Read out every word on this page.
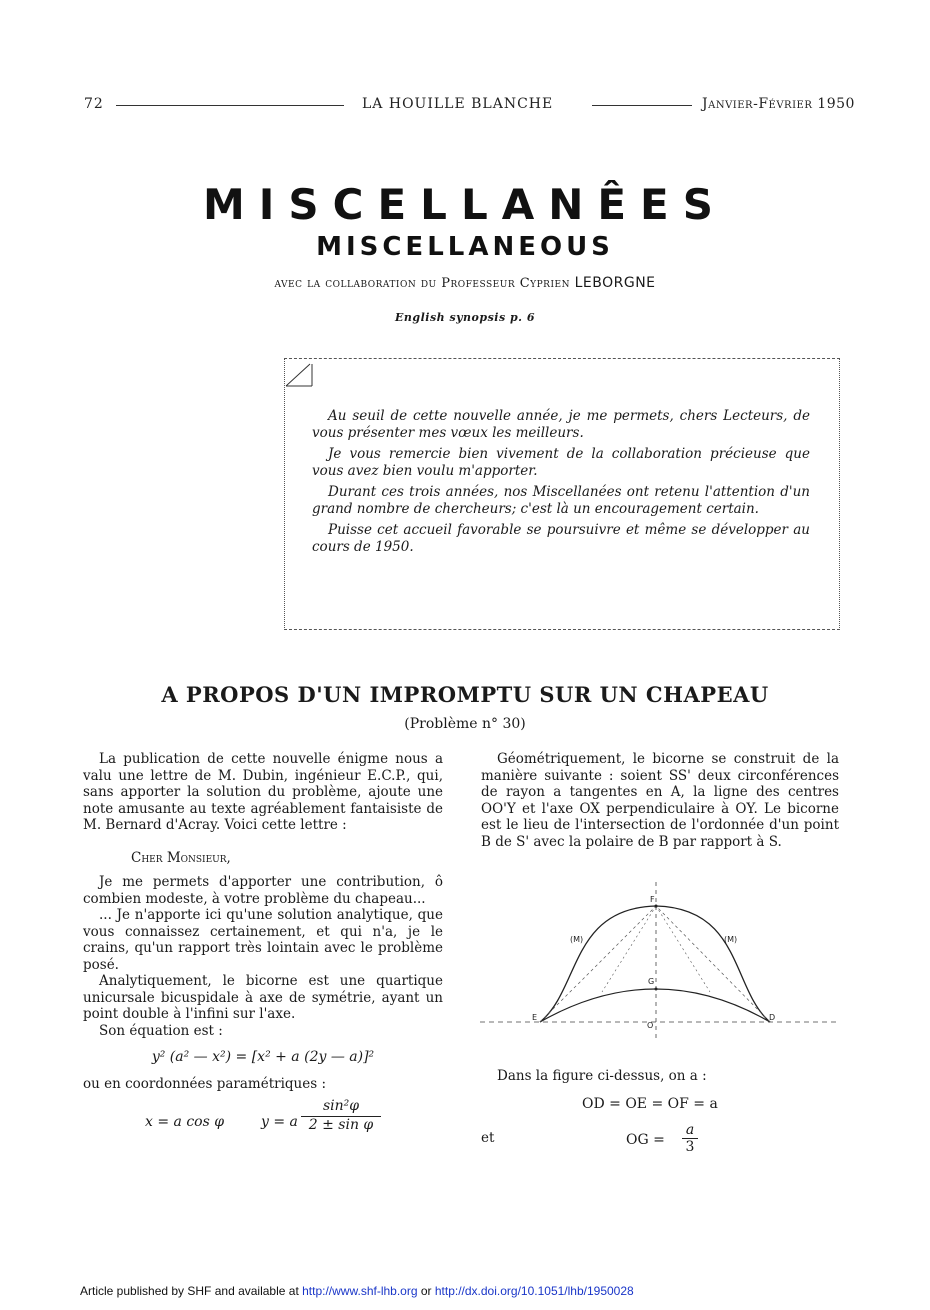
72	LA HOUILLE BLANCHE	Janvier-Février 1950
MISCELLANÊES
MISCELLANEOUS
avec la collaboration du Professeur Cyprien LEBORGNE
English synopsis p. 6

Au seuil de cette nouvelle année, je me permets, chers Lecteurs, de vous présenter mes vœux les meilleurs.

Je vous remercie bien vivement de la collaboration précieuse que vous avez bien voulu m'apporter.

Durant ces trois années, nos Miscellanées ont retenu l'attention d'un grand nombre de chercheurs; c'est là un encouragement certain.

Puisse cet accueil favorable se poursuivre et même se développer au cours de 1950.

A PROPOS D'UN IMPROMPTU SUR UN CHAPEAU
(Problème n° 30)

La publication de cette nouvelle énigme nous a valu une lettre de M. Dubin, ingénieur E.C.P., qui, sans apporter la solution du problème, ajoute une note amusante au texte agréablement fantaisiste de M. Bernard d'Acray. Voici cette lettre :

Cher Monsieur,

Je me permets d'apporter une contribution, ô combien modeste, à votre problème du chapeau...

... Je n'apporte ici qu'une solution analytique, que vous connaissez certainement, et qui n'a, je le crains, qu'un rapport très lointain avec le problème posé.

Analytiquement, le bicorne est une quartique unicursale bicuspidale à axe de symétrie, ayant un point double à l'infini sur l'axe.

Son équation est :

y² (a² — x²) = [x² + a (2y — a)]²

ou en coordonnées paramétriques :

x = a cos φ	y = a $\frac{\text{sin²φ}}{\text{2 ± sin φ}}$

Géométriquement, le bicorne se construit de la manière suivante : soient SS' deux circonférences de rayon a tangentes en A, la ligne des centres OO'Y et l'axe OX perpendiculaire à OY. Le bicorne est le lieu de l'intersection de l'ordonnée d'un point B de S' avec la polaire de B par rapport à S.

F
G
O
E	D
(M)	(M)
Dans la figure ci-dessus, on a :
OD = OE = OF = a
et	OG = $\frac{a}{3}$
Article published by SHF and available at http://www.shf-lhb.org or http://dx.doi.org/10.1051/lhb/1950028
